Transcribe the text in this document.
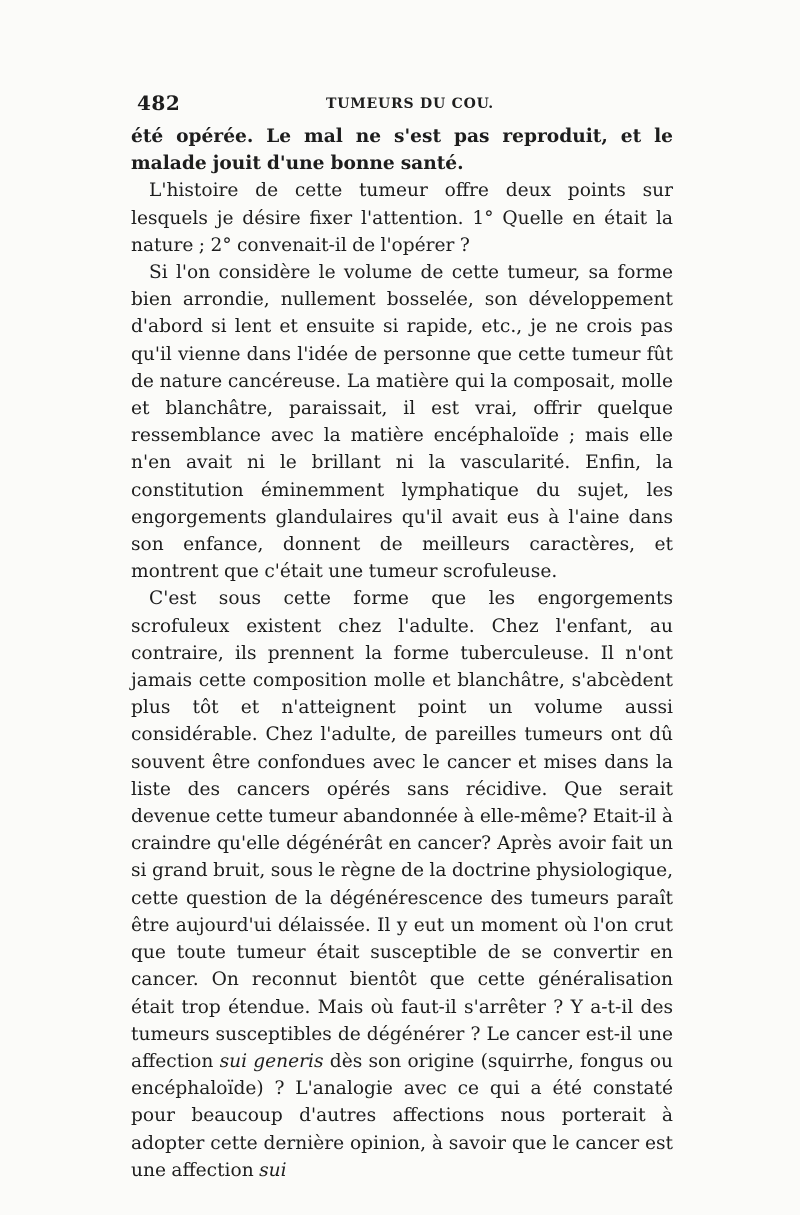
482	TUMEURS DU COU.

été opérée. Le mal ne s'est pas reproduit, et le malade jouit d'une bonne santé.

L'histoire de cette tumeur offre deux points sur lesquels je désire fixer l'attention. 1° Quelle en était la nature ; 2° convenait-il de l'opérer ?

Si l'on considère le volume de cette tumeur, sa forme bien arrondie, nullement bosselée, son développement d'abord si lent et ensuite si rapide, etc., je ne crois pas qu'il vienne dans l'idée de personne que cette tumeur fût de nature cancéreuse. La matière qui la composait, molle et blanchâtre, paraissait, il est vrai, offrir quelque ressemblance avec la matière encéphaloïde ; mais elle n'en avait ni le brillant ni la vascularité. Enfin, la constitution éminemment lymphatique du sujet, les engorgements glandulaires qu'il avait eus à l'aine dans son enfance, donnent de meilleurs caractères, et montrent que c'était une tumeur scrofuleuse.

C'est sous cette forme que les engorgements scrofuleux existent chez l'adulte. Chez l'enfant, au contraire, ils prennent la forme tuberculeuse. Il n'ont jamais cette composition molle et blanchâtre, s'abcèdent plus tôt et n'atteignent point un volume aussi considérable. Chez l'adulte, de pareilles tumeurs ont dû souvent être confondues avec le cancer et mises dans la liste des cancers opérés sans récidive. Que serait devenue cette tumeur abandonnée à elle-même? Etait-il à craindre qu'elle dégénérât en cancer? Après avoir fait un si grand bruit, sous le règne de la doctrine physiologique, cette question de la dégénérescence des tumeurs paraît être aujourd'ui délaissée. Il y eut un moment où l'on crut que toute tumeur était susceptible de se convertir en cancer. On reconnut bientôt que cette généralisation était trop étendue. Mais où faut-il s'arrêter ? Y a-t-il des tumeurs susceptibles de dégénérer ? Le cancer est-il une affection sui generis dès son origine (squirrhe, fongus ou encéphaloïde) ? L'analogie avec ce qui a été constaté pour beaucoup d'autres affections nous porterait à adopter cette dernière opinion, à savoir que le cancer est une affection sui
